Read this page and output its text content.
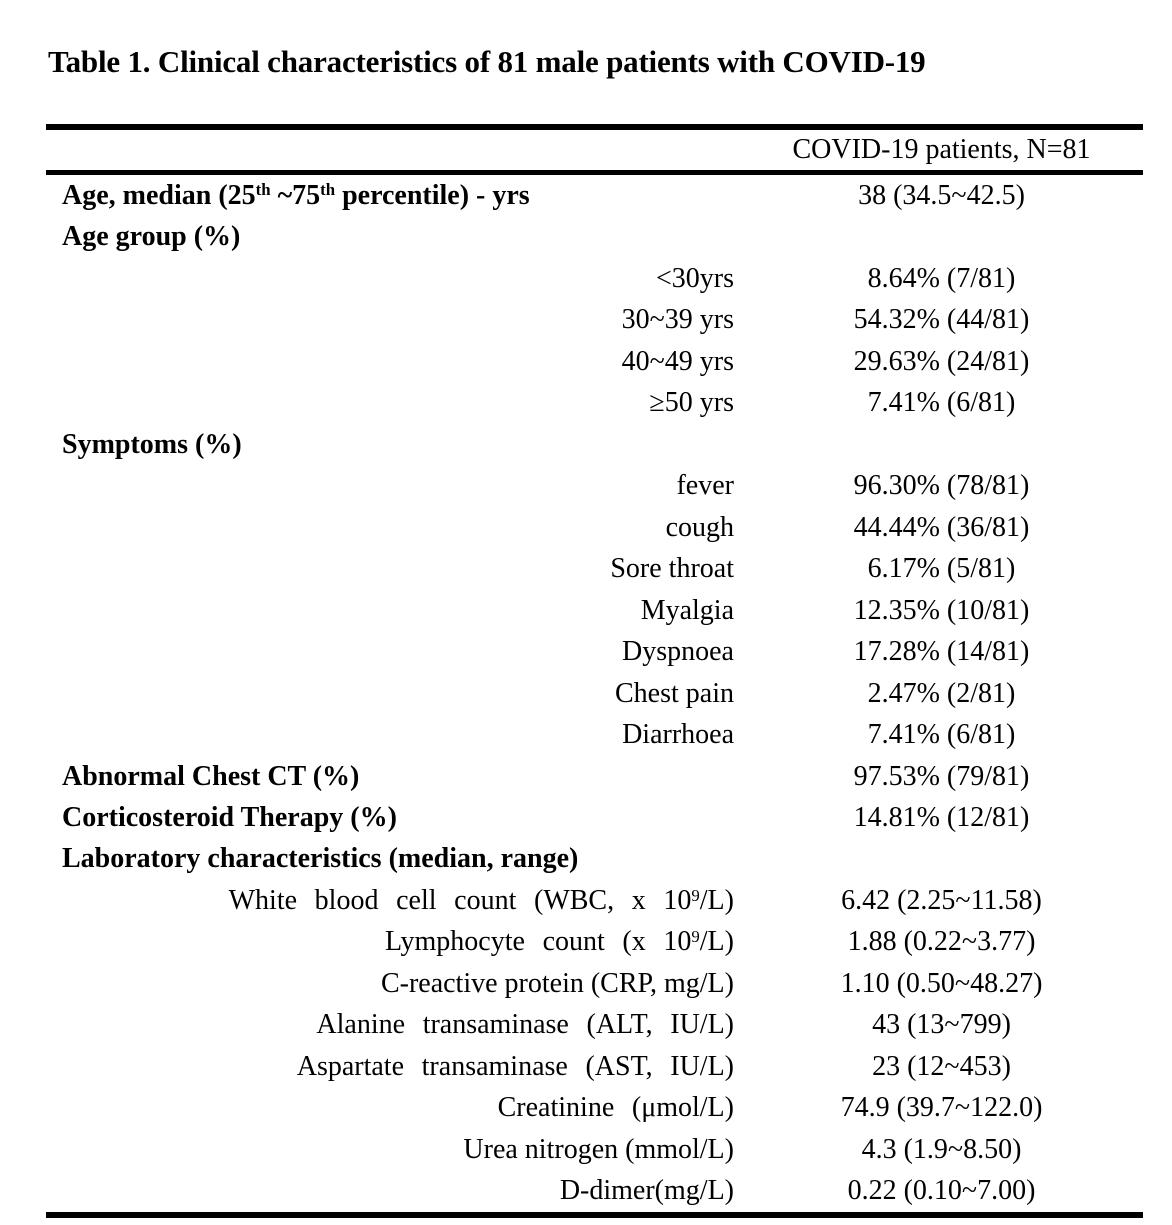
Table 1. Clinical characteristics of 81 male patients with COVID-19
COVID-19 patients, N=81
Age, median (25th ~75th percentile) - yrs	38 (34.5~42.5)
Age group (%)
<30yrs	8.64% (7/81)
30~39 yrs	54.32% (44/81)
40~49 yrs	29.63% (24/81)
≥50 yrs	7.41% (6/81)
Symptoms (%)
fever	96.30% (78/81)
cough	44.44% (36/81)
Sore throat	6.17% (5/81)
Myalgia	12.35% (10/81)
Dyspnoea	17.28% (14/81)
Chest pain	2.47% (2/81)
Diarrhoea	7.41% (6/81)
Abnormal Chest CT (%)	97.53% (79/81)
Corticosteroid Therapy (%)	14.81% (12/81)
Laboratory characteristics (median, range)
White blood cell count (WBC, x $10^9/L$)	6.42 (2.25~11.58)
Lymphocyte count (x $10^9/L$)	1.88 (0.22~3.77)
C-reactive protein (CRP, mg/L)	1.10 (0.50~48.27)
Alanine transaminase (ALT, IU/L)	43 (13~799)
Aspartate transaminase (AST, IU/L)	23 (12~453)
Creatinine (μmol/L)	74.9 (39.7~122.0)
Urea nitrogen (mmol/L)	4.3 (1.9~8.50)
D-dimer(mg/L)	0.22 (0.10~7.00)
